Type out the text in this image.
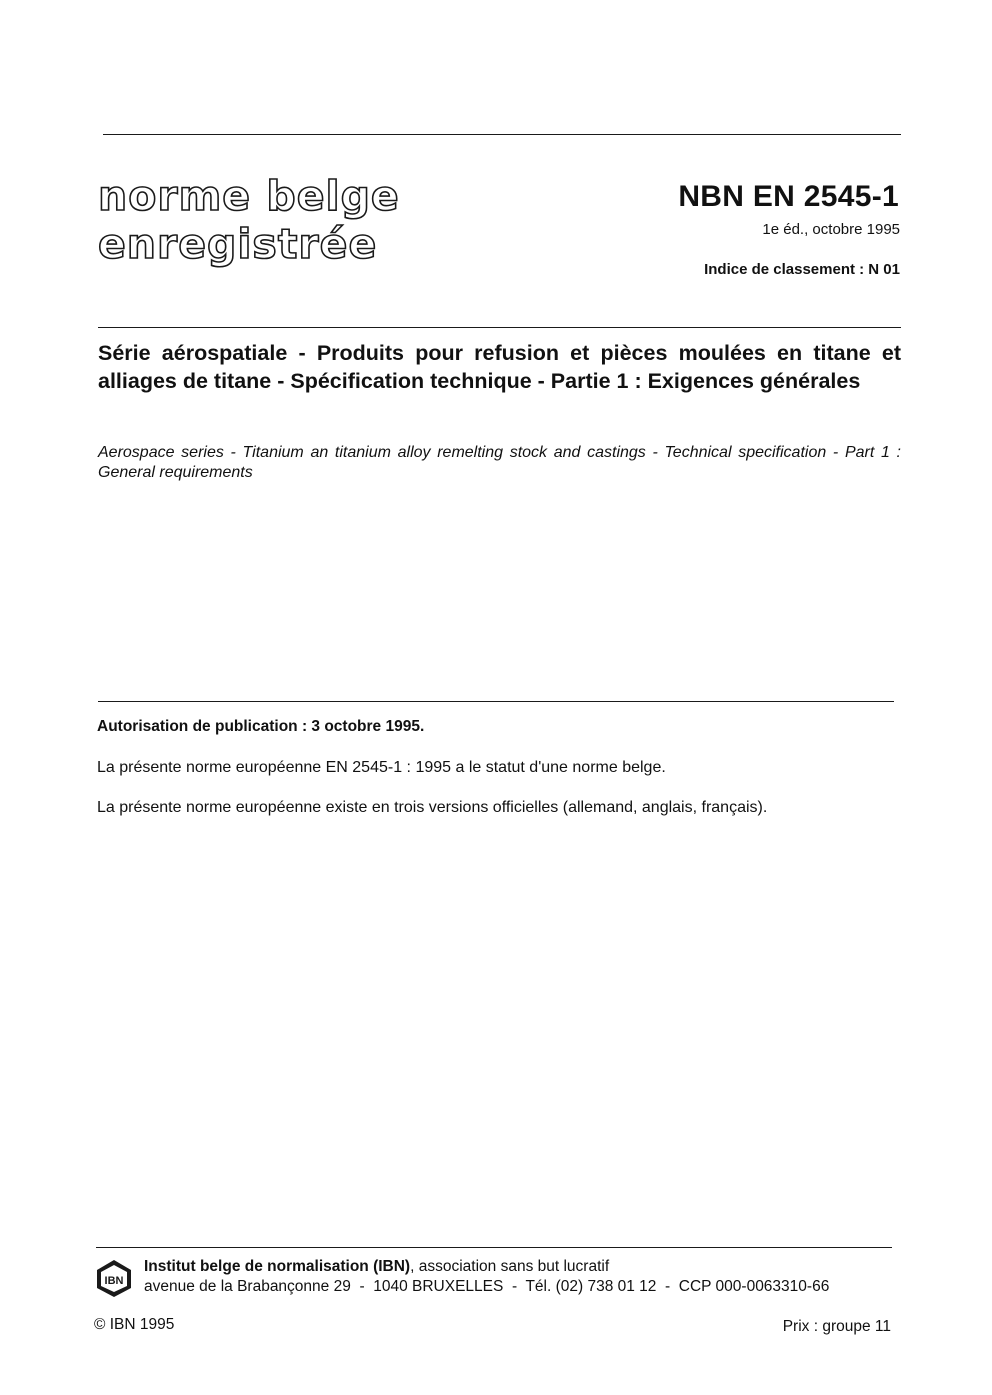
norme belge
enregistrée
NBN EN 2545-1
1e éd., octobre 1995
Indice de classement : N 01
Série aérospatiale - Produits pour refusion et pièces moulées en titane et alliages de titane - Spécification technique - Partie 1 : Exigences générales
Aerospace series - Titanium an titanium alloy remelting stock and castings - Technical specification - Part 1 : General requirements
Autorisation de publication : 3 octobre 1995.
La présente norme européenne EN 2545-1 : 1995 a le statut d'une norme belge.
La présente norme européenne existe en trois versions officielles (allemand, anglais, français).
IBN
Institut belge de normalisation (IBN), association sans but lucratif
avenue de la Brabançonne 29  -  1040 BRUXELLES  -  Tél. (02) 738 01 12  -  CCP 000-0063310-66
© IBN 1995	Prix : groupe 11
